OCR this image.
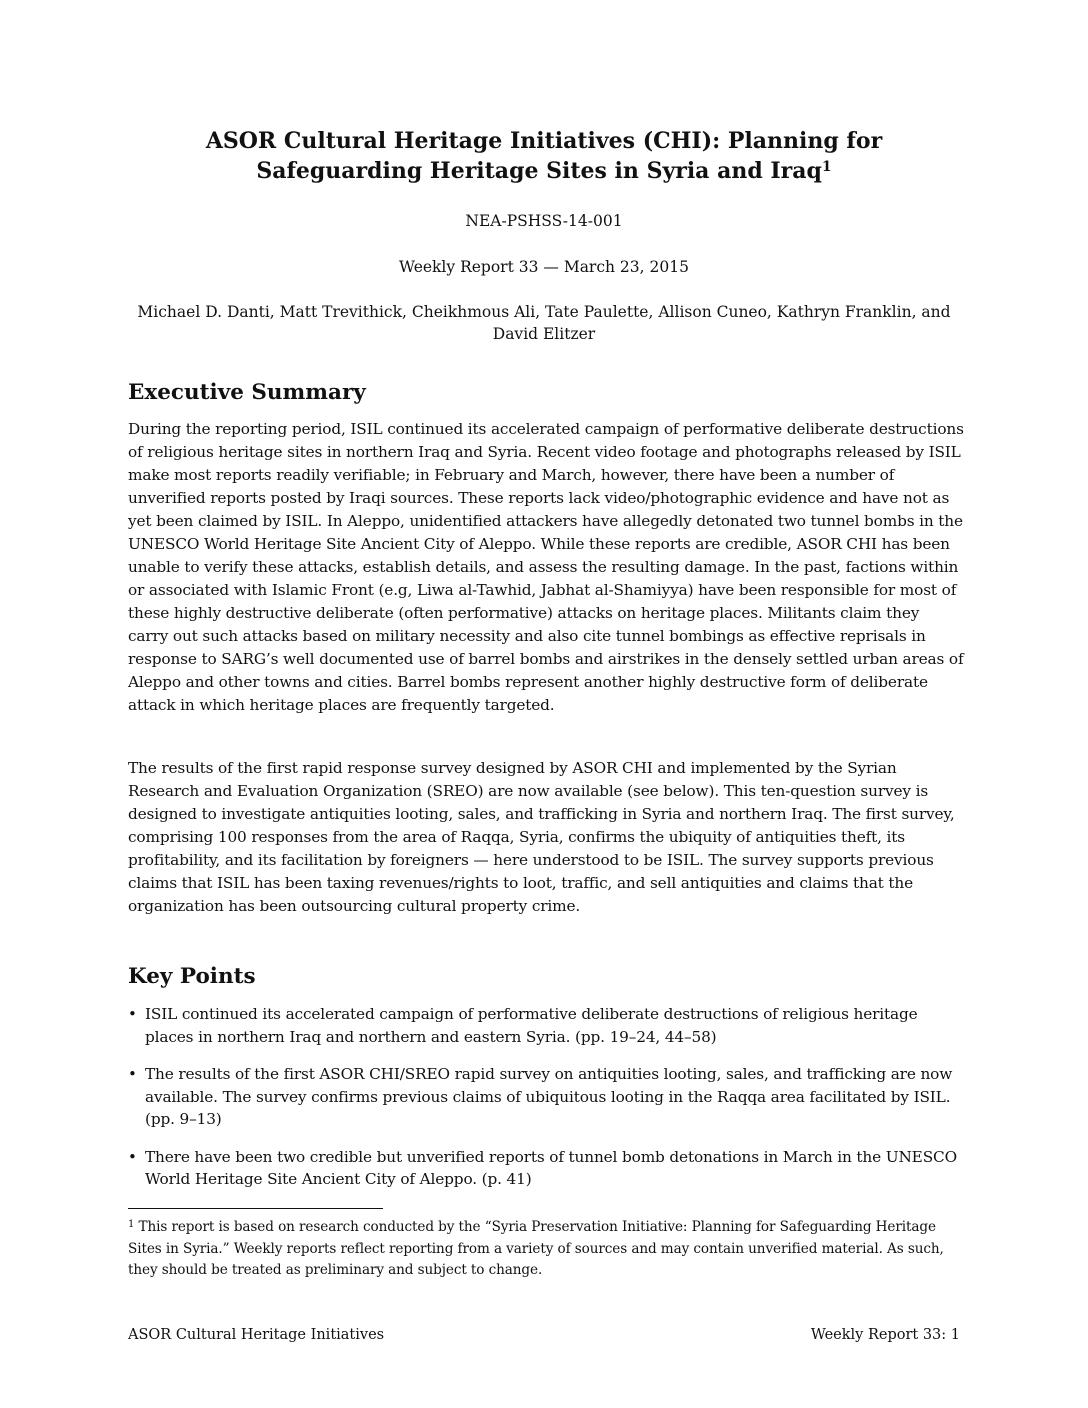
ASOR Cultural Heritage Initiatives (CHI): Planning for Safeguarding Heritage Sites in Syria and Iraq$^1$

NEA-PSHSS-14-001

Weekly Report 33 — March 23, 2015

Michael D. Danti, Matt Trevithick, Cheikhmous Ali, Tate Paulette, Allison Cuneo, Kathryn Franklin, and David Elitzer

Executive Summary

During the reporting period, ISIL continued its accelerated campaign of performative deliberate destructions of religious heritage sites in northern Iraq and Syria. Recent video footage and photographs released by ISIL make most reports readily verifiable; in February and March, however, there have been a number of unverified reports posted by Iraqi sources. These reports lack video/photographic evidence and have not as yet been claimed by ISIL. In Aleppo, unidentified attackers have allegedly detonated two tunnel bombs in the UNESCO World Heritage Site Ancient City of Aleppo. While these reports are credible, ASOR CHI has been unable to verify these attacks, establish details, and assess the resulting damage. In the past, factions within or associated with Islamic Front (e.g, Liwa al-Tawhid, Jabhat al-Shamiyya) have been responsible for most of these highly destructive deliberate (often performative) attacks on heritage places. Militants claim they carry out such attacks based on military necessity and also cite tunnel bombings as effective reprisals in response to SARG’s well documented use of barrel bombs and airstrikes in the densely settled urban areas of Aleppo and other towns and cities. Barrel bombs represent another highly destructive form of deliberate attack in which heritage places are frequently targeted.

The results of the first rapid response survey designed by ASOR CHI and implemented by the Syrian Research and Evaluation Organization (SREO) are now available (see below). This ten-question survey is designed to investigate antiquities looting, sales, and trafficking in Syria and northern Iraq. The first survey, comprising 100 responses from the area of Raqqa, Syria, confirms the ubiquity of antiquities theft, its profitability, and its facilitation by foreigners — here understood to be ISIL. The survey supports previous claims that ISIL has been taxing revenues/rights to loot, traffic, and sell antiquities and claims that the organization has been outsourcing cultural property crime.

Key Points
• ISIL continued its accelerated campaign of performative deliberate destructions of religious heritage places in northern Iraq and northern and eastern Syria. (pp. 19–24, 44–58)
• The results of the first ASOR CHI/SREO rapid survey on antiquities looting, sales, and trafficking are now available. The survey confirms previous claims of ubiquitous looting in the Raqqa area facilitated by ISIL. (pp. 9–13)
• There have been two credible but unverified reports of tunnel bomb detonations in March in the UNESCO World Heritage Site Ancient City of Aleppo. (p. 41)

$^1$ This report is based on research conducted by the “Syria Preservation Initiative: Planning for Safeguarding Heritage Sites in Syria.” Weekly reports reflect reporting from a variety of sources and may contain unverified material. As such, they should be treated as preliminary and subject to change.

ASOR Cultural Heritage Initiatives	Weekly Report 33: 1
